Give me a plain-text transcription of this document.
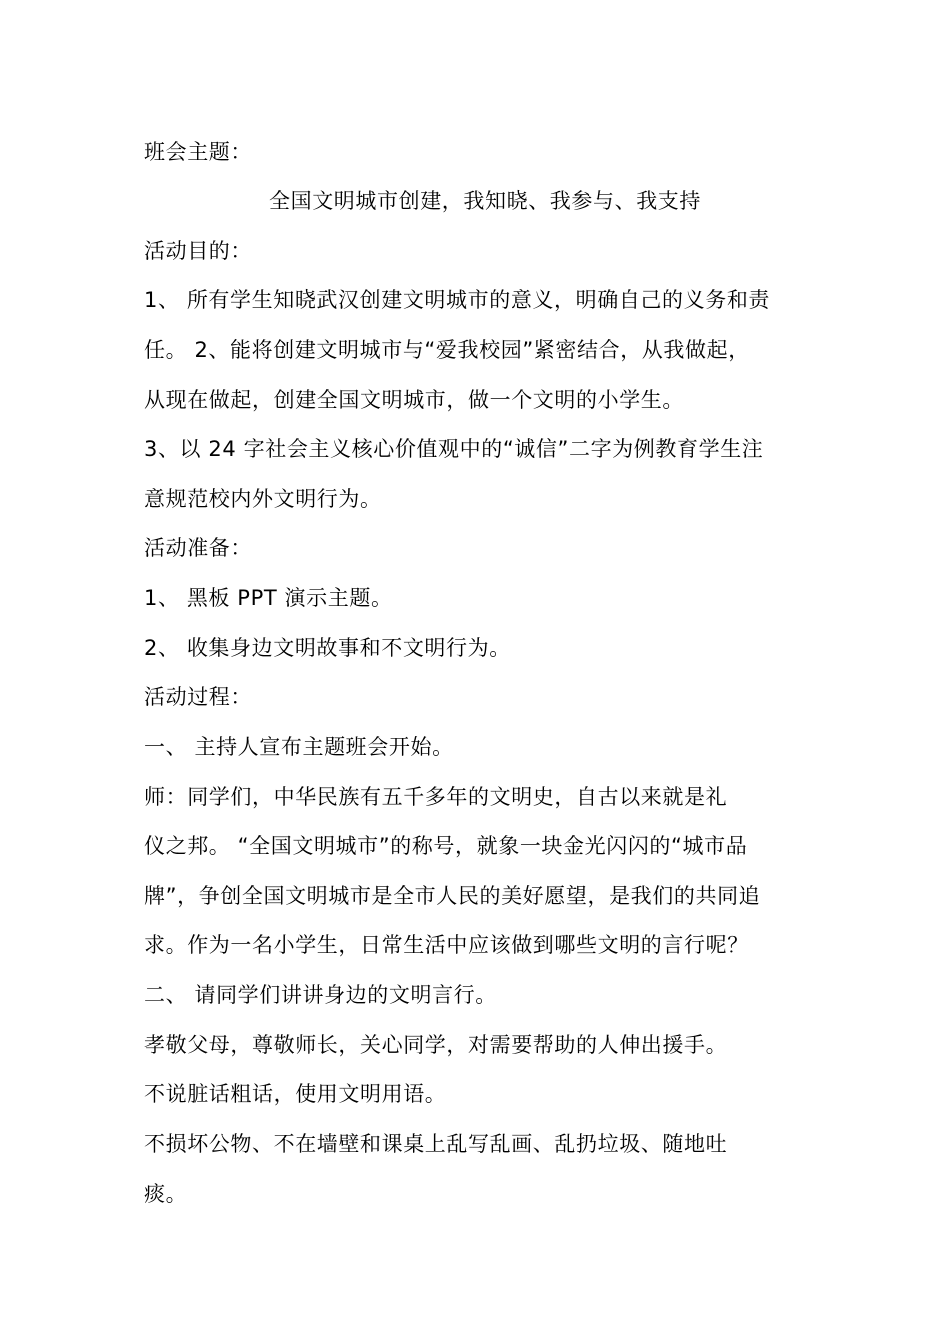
班会主题：
全国文明城市创建，我知晓、我参与、我支持
活动目的：
1、 所有学生知晓武汉创建文明城市的意义，明确自己的义务和责
任。 2、能将创建文明城市与“爱我校园”紧密结合，从我做起，
从现在做起，创建全国文明城市，做一个文明的小学生。
3、以 24 字社会主义核心价值观中的“诚信”二字为例教育学生注
意规范校内外文明行为。
活动准备：
1、 黑板 PPT 演示主题。
2、 收集身边文明故事和不文明行为。
活动过程：
一、 主持人宣布主题班会开始。
师：同学们，中华民族有五千多年的文明史，自古以来就是礼
仪之邦。 “全国文明城市”的称号，就象一块金光闪闪的“城市品
牌”，争创全国文明城市是全市人民的美好愿望，是我们的共同追
求。作为一名小学生，日常生活中应该做到哪些文明的言行呢？
二、 请同学们讲讲身边的文明言行。
孝敬父母，尊敬师长，关心同学，对需要帮助的人伸出援手。
不说脏话粗话，使用文明用语。
不损坏公物、不在墙壁和课桌上乱写乱画、乱扔垃圾、随地吐
痰。
